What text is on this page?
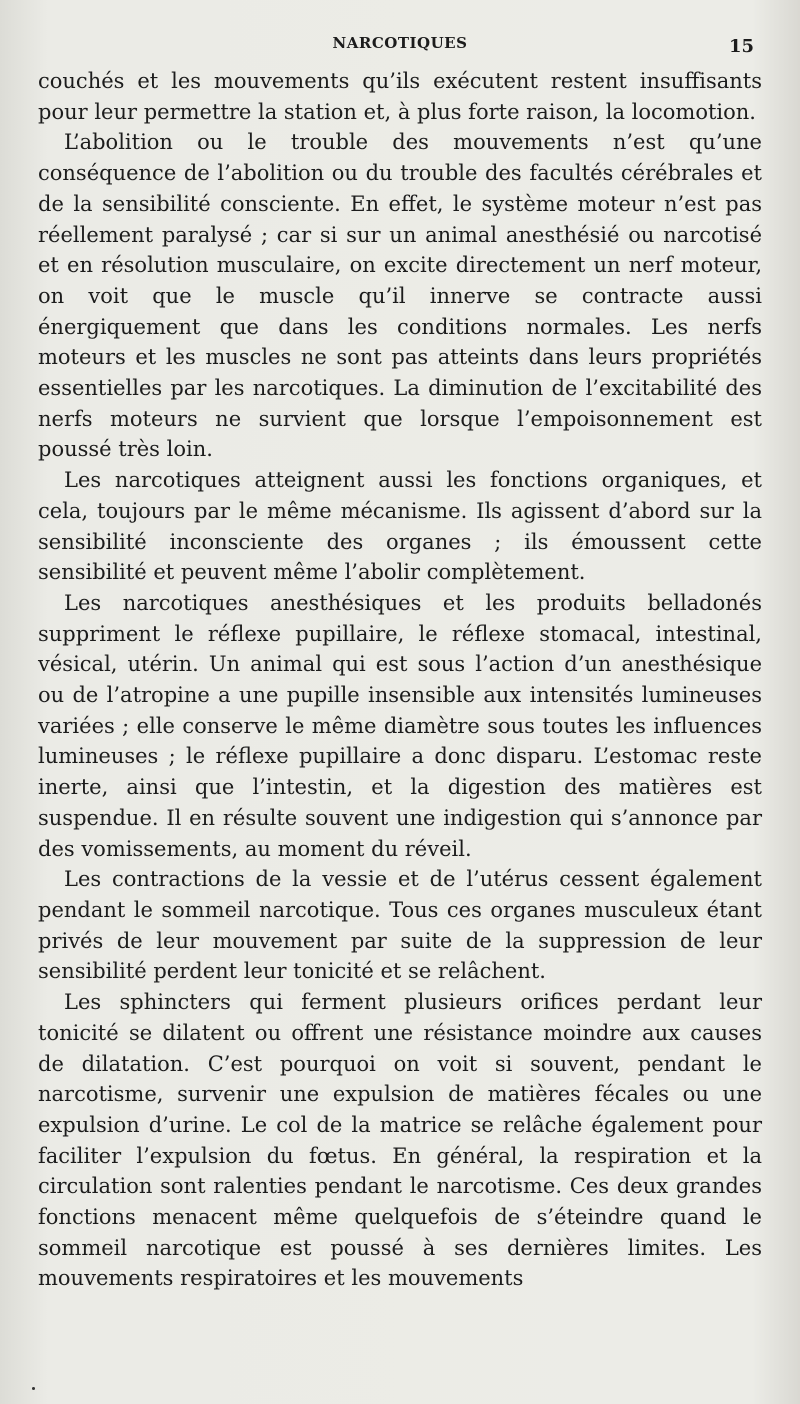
NARCOTIQUES	15

couchés et les mouvements qu’ils exécutent restent insuffisants pour leur permettre la station et, à plus forte raison, la locomotion.

L’abolition ou le trouble des mouvements n’est qu’une conséquence de l’abolition ou du trouble des facultés cérébrales et de la sensibilité consciente. En effet, le système moteur n’est pas réellement paralysé ; car si sur un animal anesthésié ou narcotisé et en résolution musculaire, on excite directement un nerf moteur, on voit que le muscle qu’il innerve se contracte aussi énergiquement que dans les conditions normales. Les nerfs moteurs et les muscles ne sont pas atteints dans leurs propriétés essentielles par les narcotiques. La diminution de l’excitabilité des nerfs moteurs ne survient que lorsque l’empoisonnement est poussé très loin.

Les narcotiques atteignent aussi les fonctions organiques, et cela, toujours par le même mécanisme. Ils agissent d’abord sur la sensibilité inconsciente des organes ; ils émoussent cette sensibilité et peuvent même l’abolir complètement.

Les narcotiques anesthésiques et les produits belladonés suppriment le réflexe pupillaire, le réflexe stomacal, intestinal, vésical, utérin. Un animal qui est sous l’action d’un anesthésique ou de l’atropine a une pupille insensible aux intensités lumineuses variées ; elle conserve le même diamètre sous toutes les influences lumineuses ; le réflexe pupillaire a donc disparu. L’estomac reste inerte, ainsi que l’intestin, et la digestion des matières est suspendue. Il en résulte souvent une indigestion qui s’annonce par des vomissements, au moment du réveil.

Les contractions de la vessie et de l’utérus cessent également pendant le sommeil narcotique. Tous ces organes musculeux étant privés de leur mouvement par suite de la suppression de leur sensibilité perdent leur tonicité et se relâchent.

Les sphincters qui ferment plusieurs orifices perdant leur tonicité se dilatent ou offrent une résistance moindre aux causes de dilatation. C’est pourquoi on voit si souvent, pendant le narcotisme, survenir une expulsion de matières fécales ou une expulsion d’urine. Le col de la matrice se relâche également pour faciliter l’expulsion du fœtus. En général, la respiration et la circulation sont ralenties pendant le narcotisme. Ces deux grandes fonctions menacent même quelquefois de s’éteindre quand le sommeil narcotique est poussé à ses dernières limites. Les mouvements respiratoires et les mouvements
